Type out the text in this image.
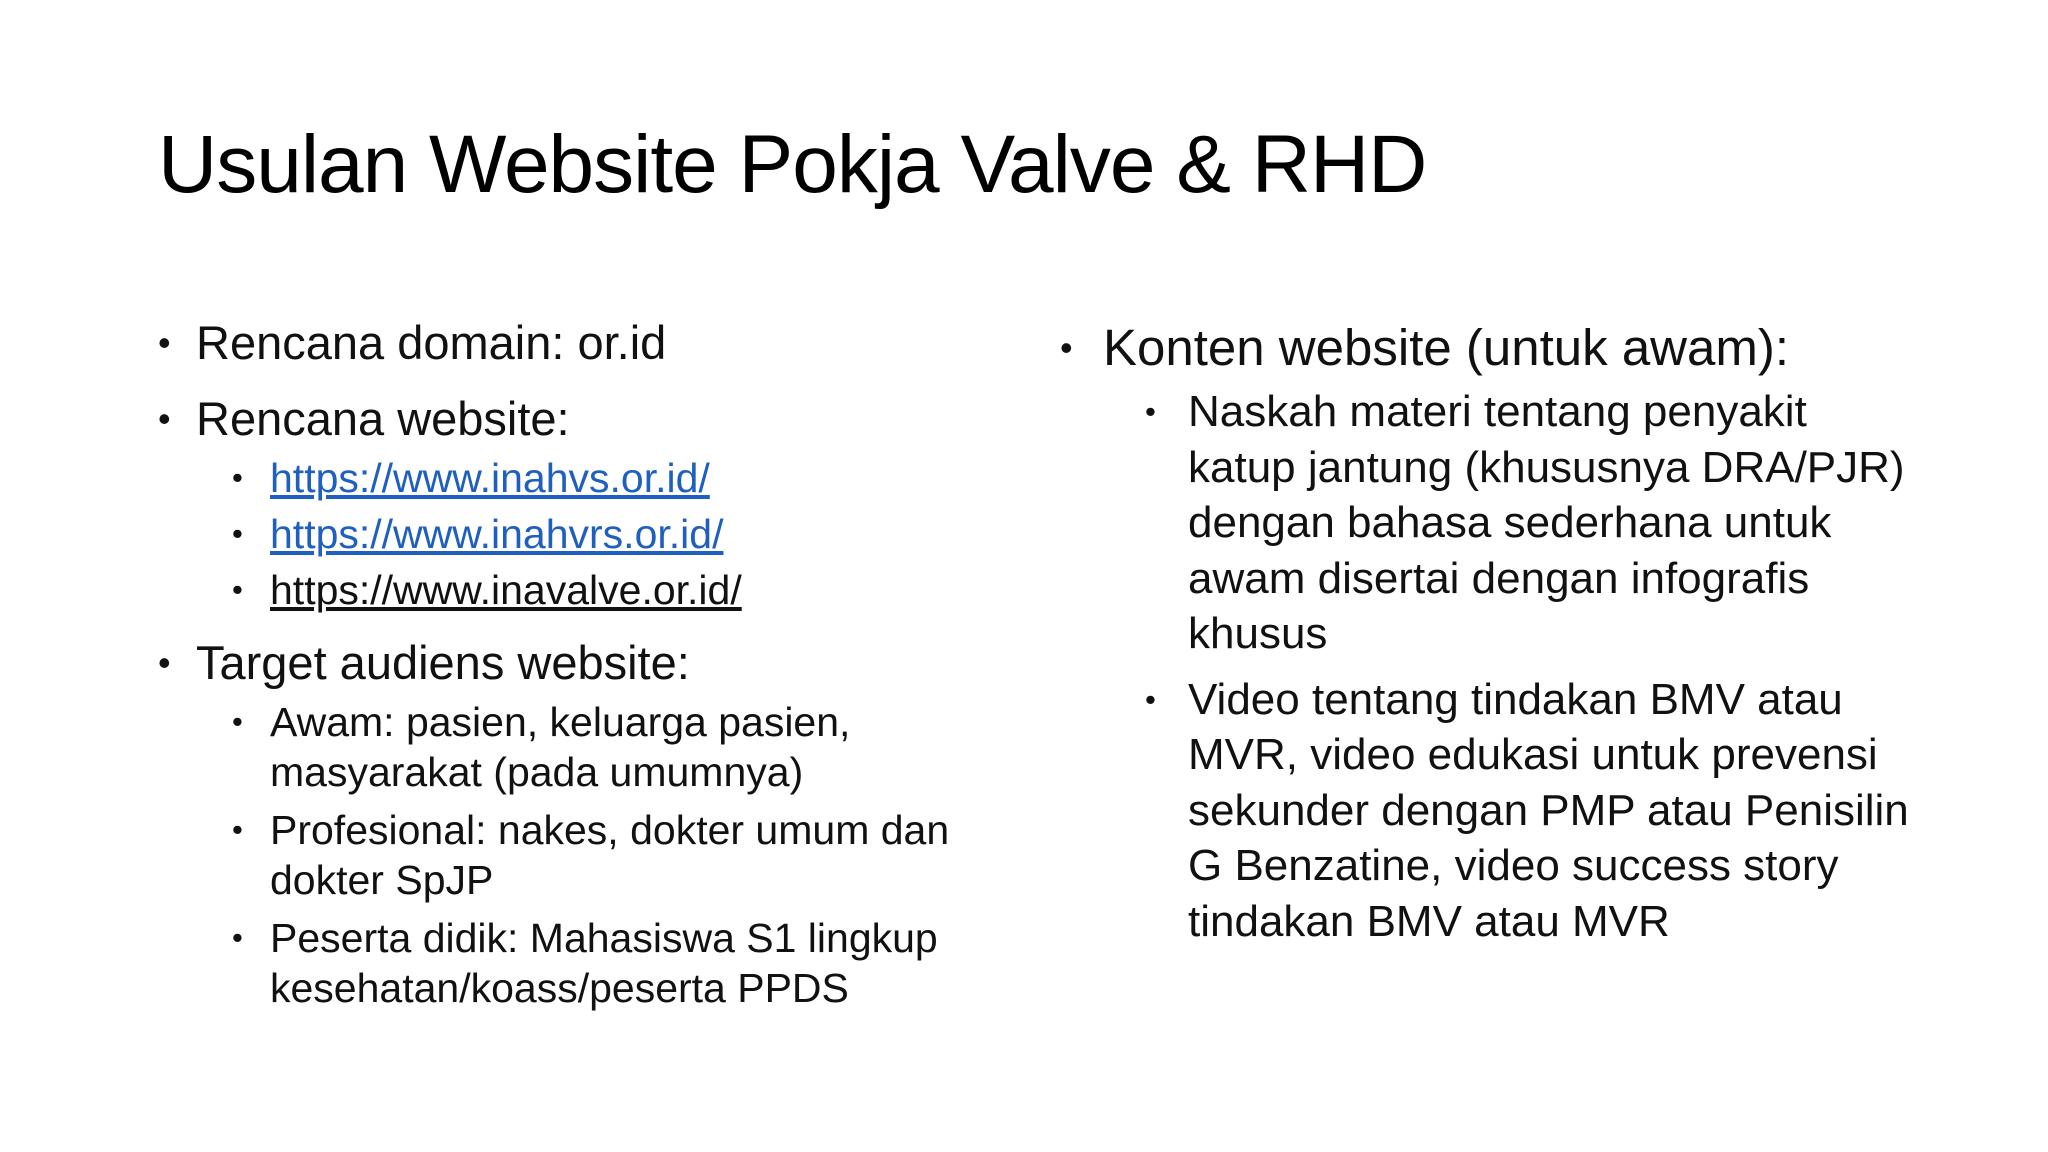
Usulan Website Pokja Valve & RHD
• Rencana domain: or.id
• Rencana website:
• https://www.inahvs.or.id/
• https://www.inahvrs.or.id/
• https://www.inavalve.or.id/
• Target audiens website:
• Awam: pasien, keluarga pasien, masyarakat (pada umumnya)
• Profesional: nakes, dokter umum dan dokter SpJP
• Peserta didik: Mahasiswa S1 lingkup kesehatan/koass/peserta PPDS
• Konten website (untuk awam):
• Naskah materi tentang penyakit katup jantung (khususnya DRA/PJR) dengan bahasa sederhana untuk awam disertai dengan infografis khusus
• Video tentang tindakan BMV atau MVR, video edukasi untuk prevensi sekunder dengan PMP atau Penisilin G Benzatine, video success story tindakan BMV atau MVR
